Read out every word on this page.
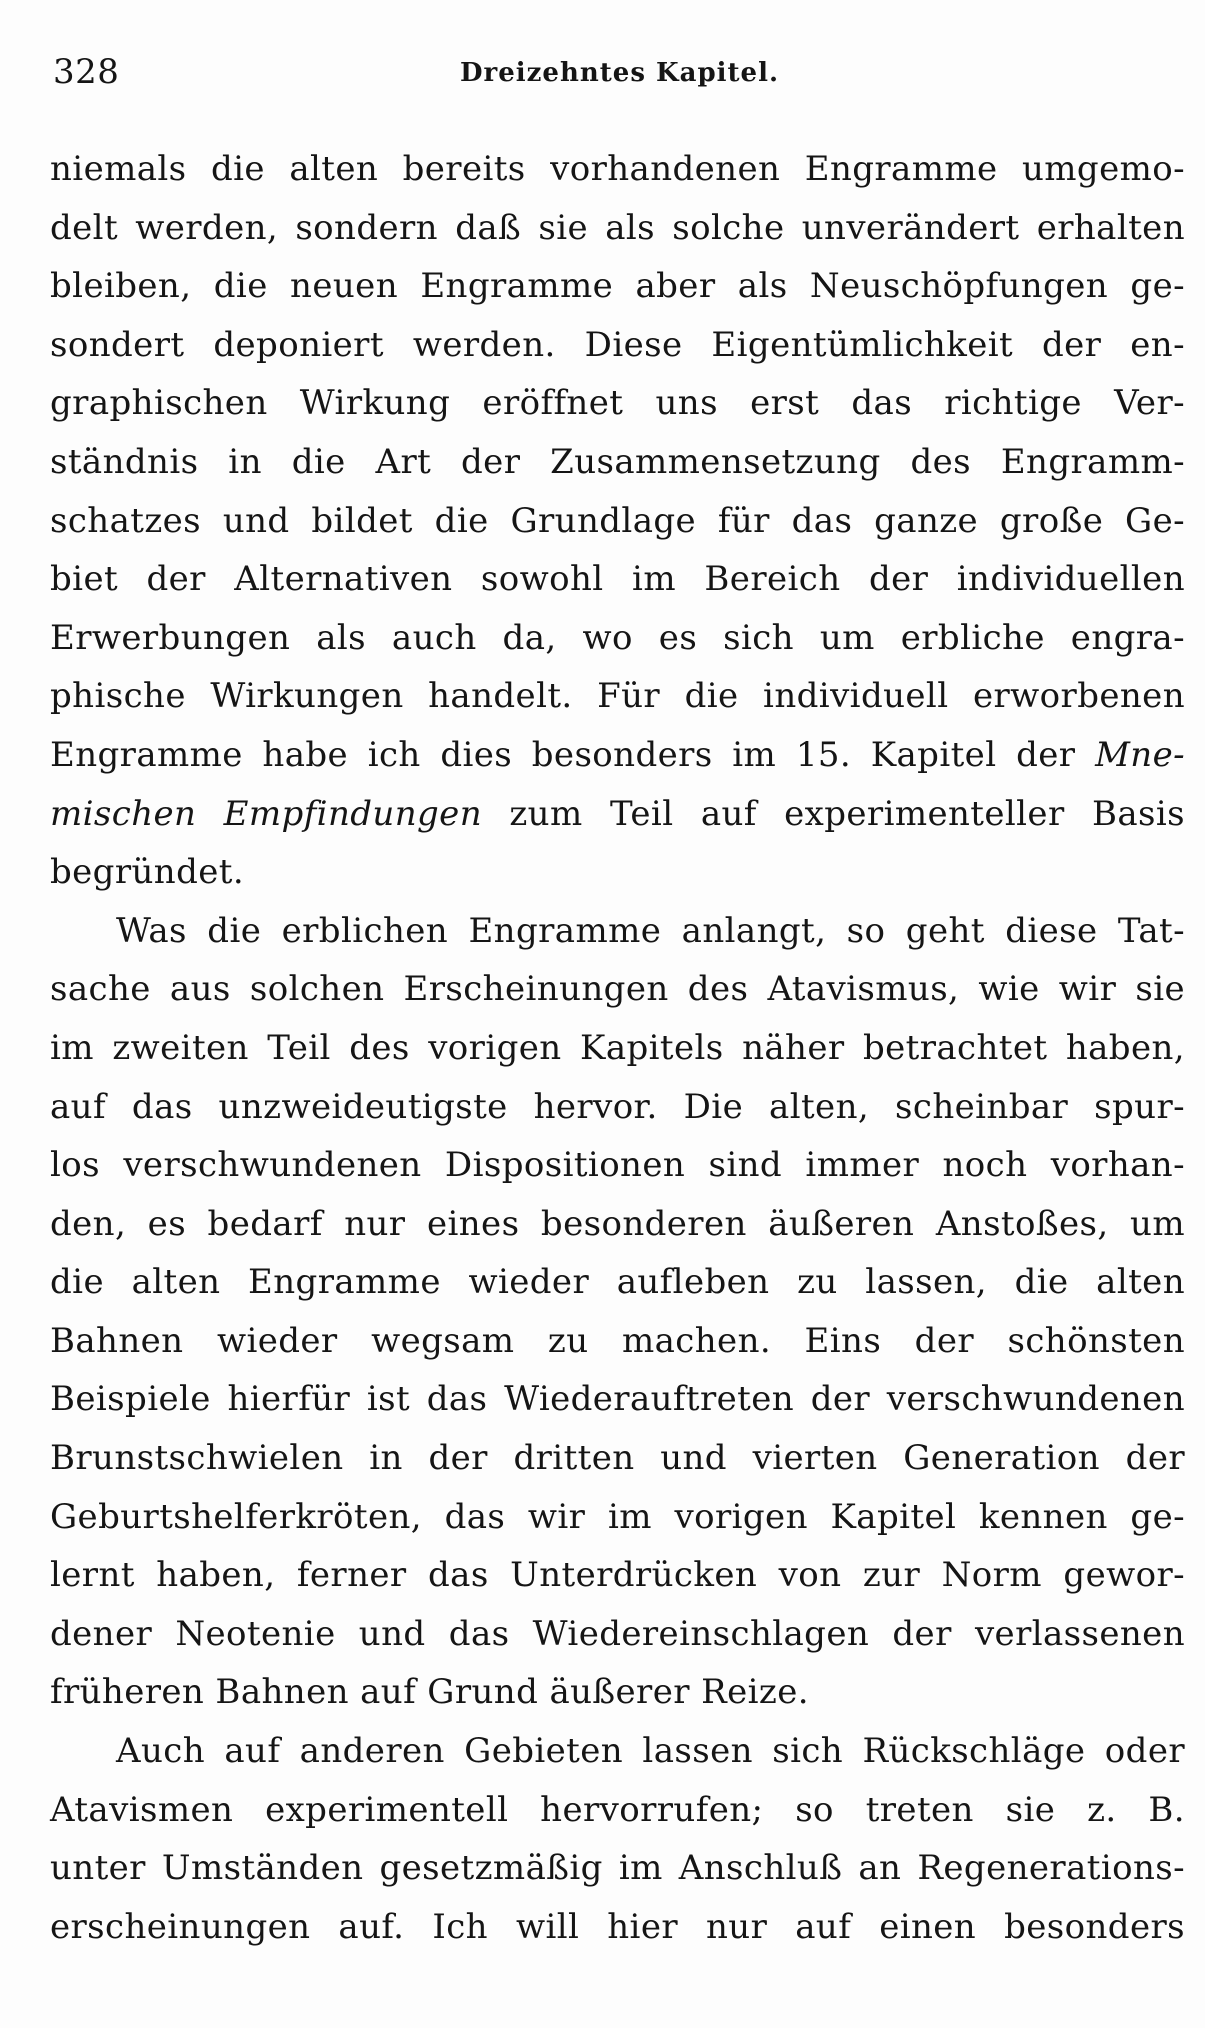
328	Dreizehntes Kapitel.
niemals die alten bereits vorhandenen Engramme umgemo-
delt werden, sondern daß sie als solche unverändert erhalten
bleiben, die neuen Engramme aber als Neuschöpfungen ge-
sondert deponiert werden. Diese Eigentümlichkeit der en-
graphischen Wirkung eröffnet uns erst das richtige Ver-
ständnis in die Art der Zusammensetzung des Engramm-
schatzes und bildet die Grundlage für das ganze große Ge-
biet der Alternativen sowohl im Bereich der individuellen
Erwerbungen als auch da, wo es sich um erbliche engra-
phische Wirkungen handelt. Für die individuell erworbenen
Engramme habe ich dies besonders im 15. Kapitel der Mne-
mischen Empfindungen zum Teil auf experimenteller Basis
begründet.
Was die erblichen Engramme anlangt, so geht diese Tat-
sache aus solchen Erscheinungen des Atavismus, wie wir sie
im zweiten Teil des vorigen Kapitels näher betrachtet haben,
auf das unzweideutigste hervor. Die alten, scheinbar spur-
los verschwundenen Dispositionen sind immer noch vorhan-
den, es bedarf nur eines besonderen äußeren Anstoßes, um
die alten Engramme wieder aufleben zu lassen, die alten
Bahnen wieder wegsam zu machen. Eins der schönsten
Beispiele hierfür ist das Wiederauftreten der verschwundenen
Brunstschwielen in der dritten und vierten Generation der
Geburtshelferkröten, das wir im vorigen Kapitel kennen ge-
lernt haben, ferner das Unterdrücken von zur Norm gewor-
dener Neotenie und das Wiedereinschlagen der verlassenen
früheren Bahnen auf Grund äußerer Reize.
Auch auf anderen Gebieten lassen sich Rückschläge oder
Atavismen experimentell hervorrufen; so treten sie z. B.
unter Umständen gesetzmäßig im Anschluß an Regenerations-
erscheinungen auf. Ich will hier nur auf einen besonders
